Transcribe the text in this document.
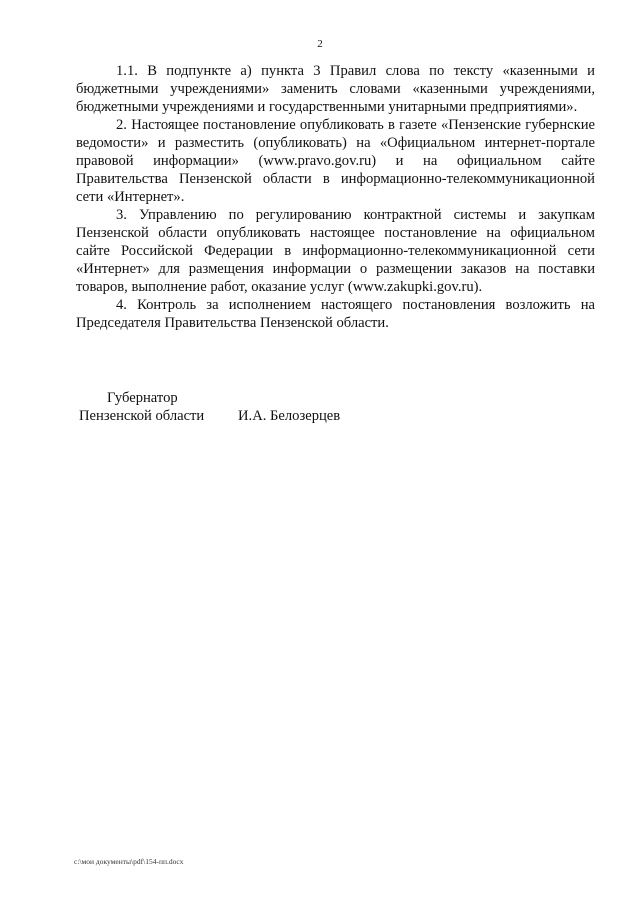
2

1.1. В подпункте а) пункта 3 Правил слова по тексту «казенными и бюджетными учреждениями» заменить словами «казенными учреждениями, бюджетными учреждениями и государственными унитарными предприятиями».

2. Настоящее постановление опубликовать в газете «Пензенские губернские ведомости» и разместить (опубликовать) на «Официальном интернет-портале правовой информации» (www.pravo.gov.ru) и на официальном сайте Правительства Пензенской области в информационно-телекоммуникационной сети «Интернет».

3. Управлению по регулированию контрактной системы и закупкам Пензенской области опубликовать настоящее постановление на официальном сайте Российской Федерации в информационно-телекоммуникационной сети «Интернет» для размещения информации о размещении заказов на поставки товаров, выполнение работ, оказание услуг (www.zakupki.gov.ru).

4. Контроль за исполнением настоящего постановления возложить на Председателя Правительства Пензенской области.

Губернатор
Пензенской области И.А. Белозерцев
c:\мои документы\pdf\154-пп.docx
